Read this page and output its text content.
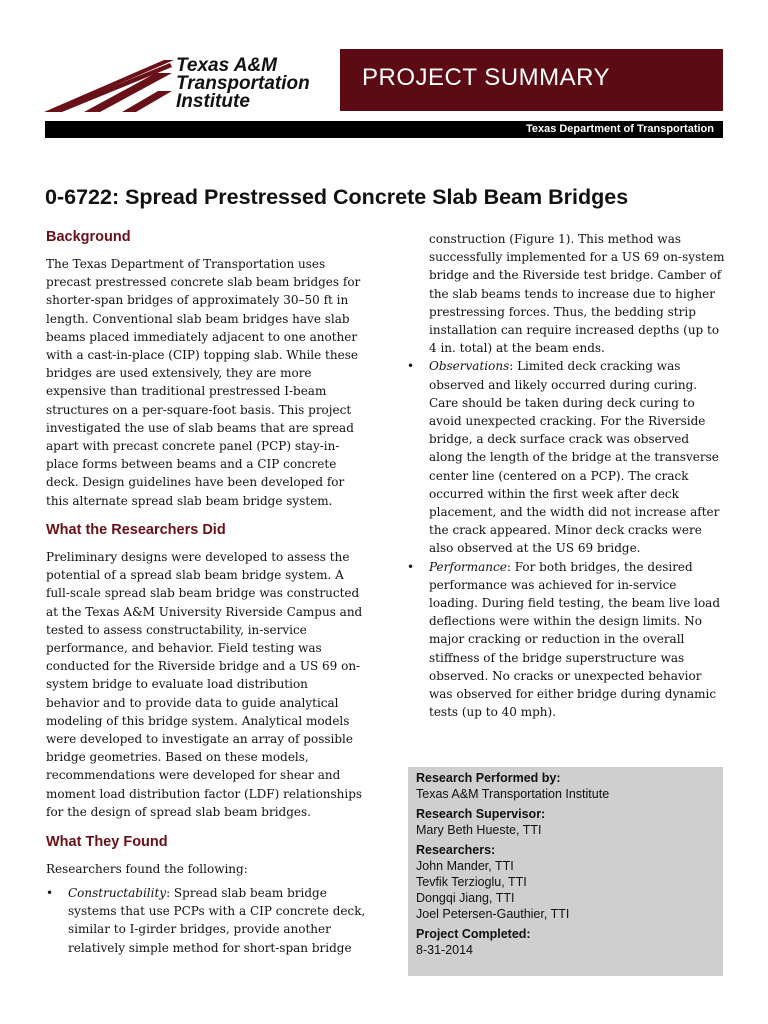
Texas A&M
Transportation
Institute
PROJECT SUMMARY
Texas Department of Transportation
0-6722: Spread Prestressed Concrete Slab Beam Bridges
Background

The Texas Department of Transportation uses precast prestressed concrete slab beam bridges for shorter-span bridges of approximately 30–50 ft in length. Conventional slab beam bridges have slab beams placed immediately adjacent to one another with a cast-in-place (CIP) topping slab. While these bridges are used extensively, they are more expensive than traditional prestressed I-beam structures on a per-square-foot basis. This project investigated the use of slab beams that are spread apart with precast concrete panel (PCP) stay-in-place forms between beams and a CIP concrete deck. Design guidelines have been developed for this alternate spread slab beam bridge system.

What the Researchers Did

Preliminary designs were developed to assess the potential of a spread slab beam bridge system. A full-scale spread slab beam bridge was constructed at the Texas A&M University Riverside Campus and tested to assess constructability, in-service performance, and behavior. Field testing was conducted for the Riverside bridge and a US 69 on-system bridge to evaluate load distribution behavior and to provide data to guide analytical modeling of this bridge system. Analytical models were developed to investigate an array of possible bridge geometries. Based on these models, recommendations were developed for shear and moment load distribution factor (LDF) relationships for the design of spread slab beam bridges.

What They Found

Researchers found the following:

• Constructability: Spread slab beam bridge systems that use PCPs with a CIP concrete deck, similar to I-girder bridges, provide another relatively simple method for short-span bridge
construction (Figure 1). This method was successfully implemented for a US 69 on-system bridge and the Riverside test bridge. Camber of the slab beams tends to increase due to higher prestressing forces. Thus, the bedding strip installation can require increased depths (up to 4 in. total) at the beam ends.
• Observations: Limited deck cracking was observed and likely occurred during curing. Care should be taken during deck curing to avoid unexpected cracking. For the Riverside bridge, a deck surface crack was observed along the length of the bridge at the transverse center line (centered on a PCP). The crack occurred within the first week after deck placement, and the width did not increase after the crack appeared. Minor deck cracks were also observed at the US 69 bridge.
• Performance: For both bridges, the desired performance was achieved for in-service loading. During field testing, the beam live load deflections were within the design limits. No major cracking or reduction in the overall stiffness of the bridge superstructure was observed. No cracks or unexpected behavior was observed for either bridge during dynamic tests (up to 40 mph).
Research Performed by:
Texas A&M Transportation Institute
Research Supervisor:
Mary Beth Hueste, TTI
Researchers:
John Mander, TTI
Tevfik Terzioglu, TTI
Dongqi Jiang, TTI
Joel Petersen-Gauthier, TTI
Project Completed:
8-31-2014
